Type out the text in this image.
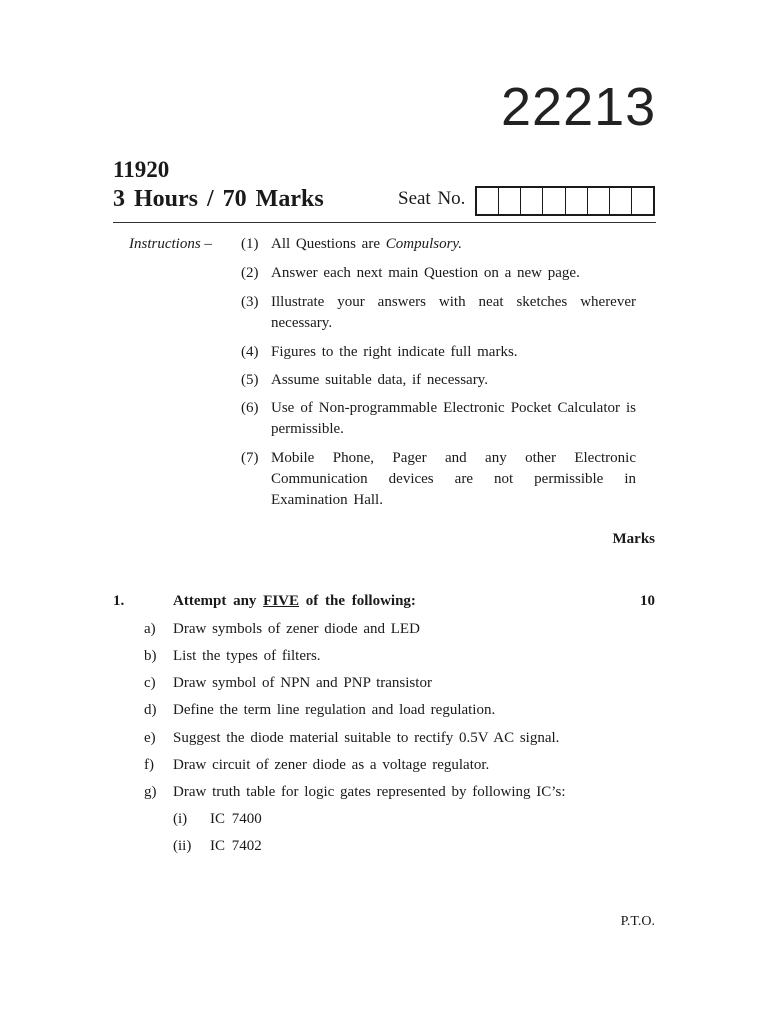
22213
11920
3 Hours / 70 Marks	Seat No.
Instructions – (1) All Questions are Compulsory.
(2) Answer each next main Question on a new page.
(3) Illustrate your answers with neat sketches wherever necessary.
(4) Figures to the right indicate full marks.
(5) Assume suitable data, if necessary.
(6) Use of Non-programmable Electronic Pocket Calculator is permissible.
(7) Mobile Phone, Pager and any other Electronic Communication devices are not permissible in Examination Hall.
Marks
1.	Attempt any FIVE of the following:	10
a) Draw symbols of zener diode and LED
b) List the types of filters.
c) Draw symbol of NPN and PNP transistor
d) Define the term line regulation and load regulation.
e) Suggest the diode material suitable to rectify 0.5V AC signal.
f) Draw circuit of zener diode as a voltage regulator.
g) Draw truth table for logic gates represented by following IC’s:
(i) IC 7400
(ii) IC 7402
P.T.O.
